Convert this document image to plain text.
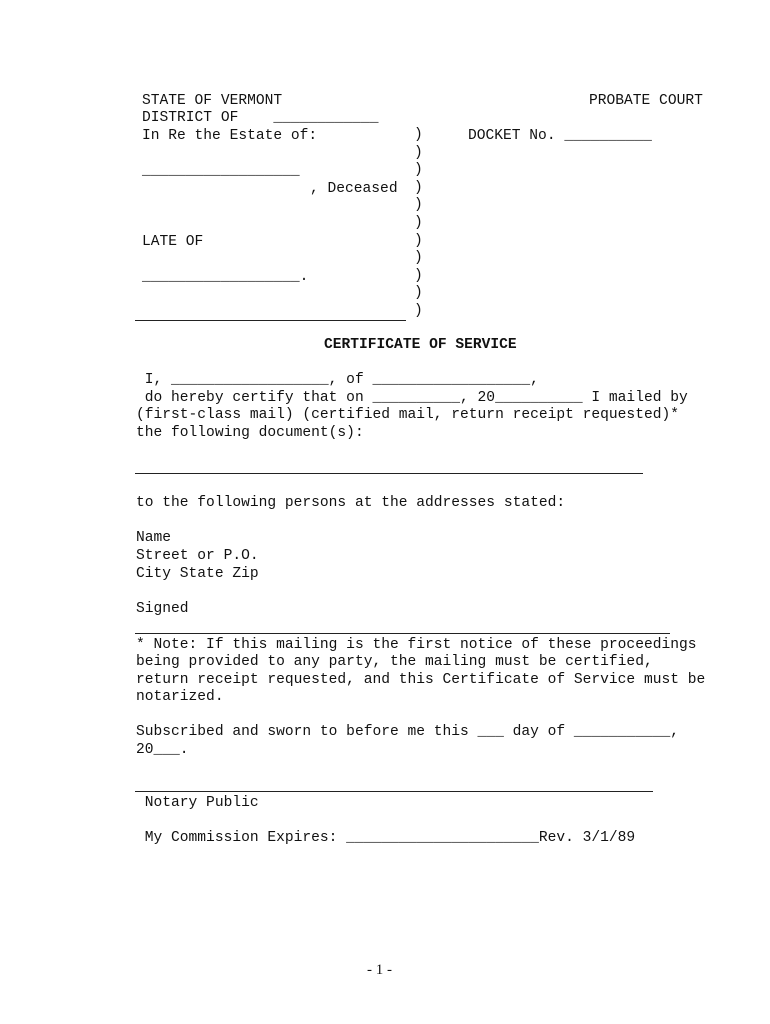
STATE OF VERMONT	PROBATE COURT
DISTRICT OF    ____________
In Re the Estate of:	DOCKET No. __________
__________________
, Deceased
LATE OF
__________________.
)
)
)
)
)
)
)
)
)
)
)
CERTIFICATE OF SERVICE
I, __________________, of __________________,
do hereby certify that on __________, 20__________ I mailed by
(first-class mail) (certified mail, return receipt requested)*
the following document(s):
to the following persons at the addresses stated:
Name
Street or P.O.
City State Zip
Signed
* Note: If this mailing is the first notice of these proceedings
being provided to any party, the mailing must be certified,
return receipt requested, and this Certificate of Service must be
notarized.
Subscribed and sworn to before me this ___ day of ___________,
20___.
Notary Public
My Commission Expires: ______________________Rev. 3/1/89
- 1 -
